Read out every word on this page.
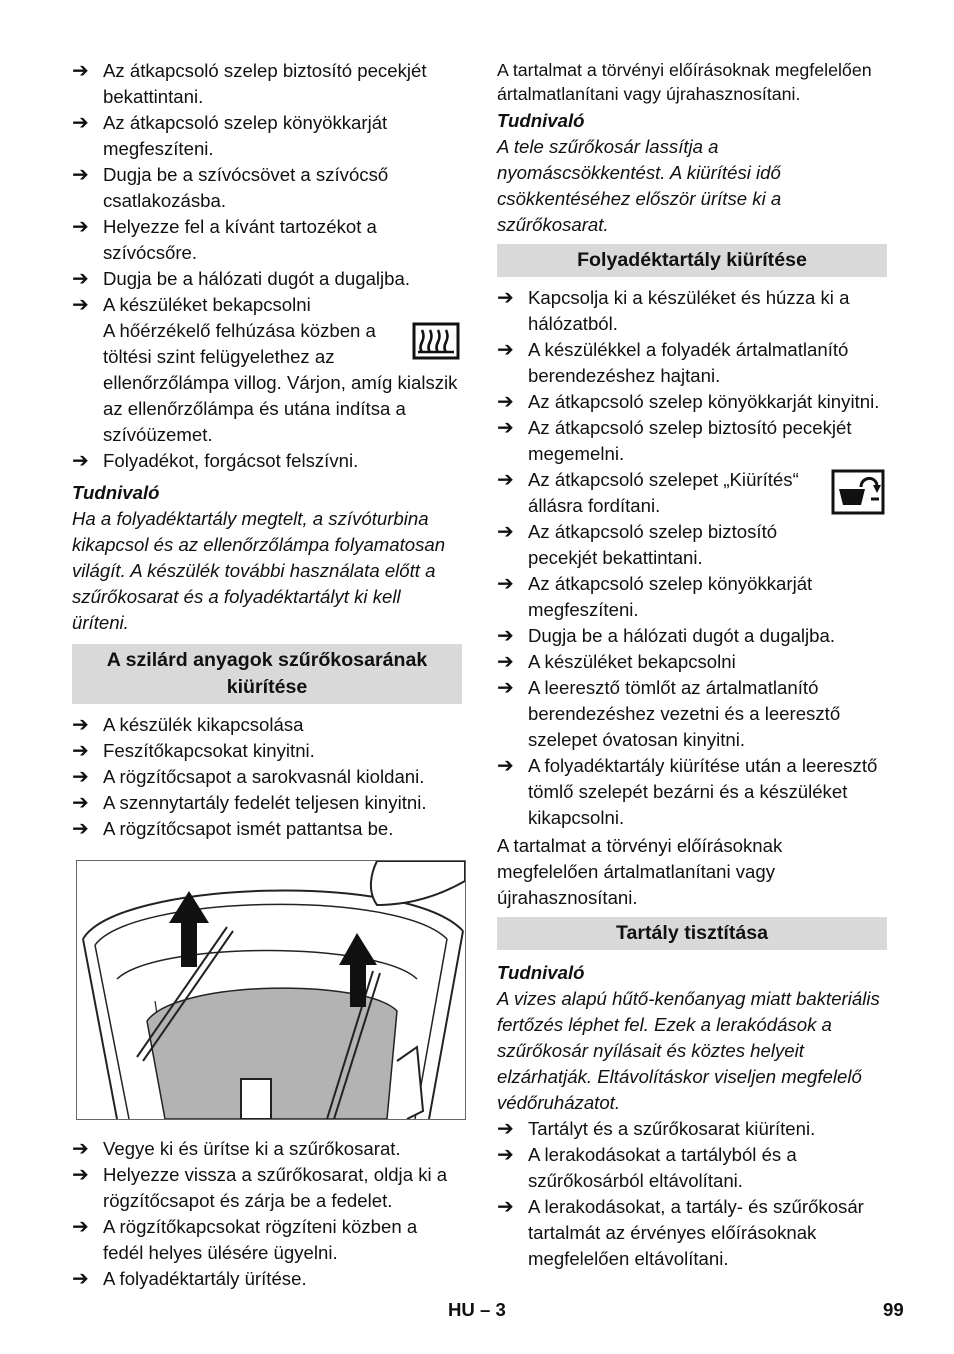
➔ Az átkapcsoló szelep biztosító pecekjét bekattintani.
➔ Az átkapcsoló szelep könyökkarját megfeszíteni.
➔ Dugja be a szívócsövet a szívócső csatlakozásba.
➔ Helyezze fel a kívánt tartozékot a szívócsőre.
➔ Dugja be a hálózati dugót a dugaljba.
➔ A készüléket bekapcsolni
A hőérzékelő felhúzása közben a töltési szint felügyelethez az ellenőrzőlámpa villog. Várjon, amíg kialszik az ellenőrzőlámpa és utána indítsa a szívóüzemet.
➔ Folyadékot, forgácsot felszívni.
Tudnivaló
Ha a folyadéktartály megtelt, a szívóturbina kikapcsol és az ellenőrzőlámpa folyamatosan világít. A készülék további használata előtt a szűrőkosarat és a folyadéktartályt ki kell üríteni.
A szilárd anyagok szűrőkosarának kiürítése
➔ A készülék kikapcsolása
➔ Feszítőkapcsokat kinyitni.
➔ A rögzítőcsapot a sarokvasnál kioldani.
➔ A szennytartály fedelét teljesen kinyitni.
➔ A rögzítőcsapot ismét pattantsa be.
➔ Vegye ki és ürítse ki a szűrőkosarat.
➔ Helyezze vissza a szűrőkosarat, oldja ki a rögzítőcsapot és zárja be a fedelet.
➔ A rögzítőkapcsokat rögzíteni közben a fedél helyes ülésére ügyelni.
➔ A folyadéktartály ürítése.
A tartalmat a törvényi előírásoknak megfelelően ártalmatlanítani vagy újrahasznosítani.
Tudnivaló
A tele szűrőkosár lassítja a nyomáscsökkentést. A kiürítési idő csökkentéséhez először ürítse ki a szűrőkosarat.
Folyadéktartály kiürítése
➔ Kapcsolja ki a készüléket és húzza ki a hálózatból.
➔ A készülékkel a folyadék ártalmatlanító berendezéshez hajtani.
➔ Az átkapcsoló szelep könyökkarját kinyitni.
➔ Az átkapcsoló szelep biztosító pecekjét megemelni.
➔ Az átkapcsoló szelepet „Kiürítés“ állásra fordítani.
➔ Az átkapcsoló szelep biztosító pecekjét bekattintani.
➔ Az átkapcsoló szelep könyökkarját megfeszíteni.
➔ Dugja be a hálózati dugót a dugaljba.
➔ A készüléket bekapcsolni
➔ A leeresztő tömlőt az ártalmatlanító berendezéshez vezetni és a leeresztő szelepet óvatosan kinyitni.
➔ A folyadéktartály kiürítése után a leeresztő tömlő szelepét bezárni és a készüléket kikapcsolni.
A tartalmat a törvényi előírásoknak megfelelően ártalmatlanítani vagy újrahasznosítani.
Tartály tisztítása
Tudnivaló
A vizes alapú hűtő-kenőanyag miatt bakteriális fertőzés léphet fel. Ezek a lerakódások a szűrőkosár nyílásait és köztes helyeit elzárhatják. Eltávolításkor viseljen megfelelő védőruházatot.
➔ Tartályt és a szűrőkosarat kiüríteni.
➔ A lerakodásokat a tartályból és a szűrőkosárból eltávolítani.
➔ A lerakodásokat, a tartály- és szűrőkosár tartalmát az érvényes előírásoknak megfelelően eltávolítani.
HU – 3	99
